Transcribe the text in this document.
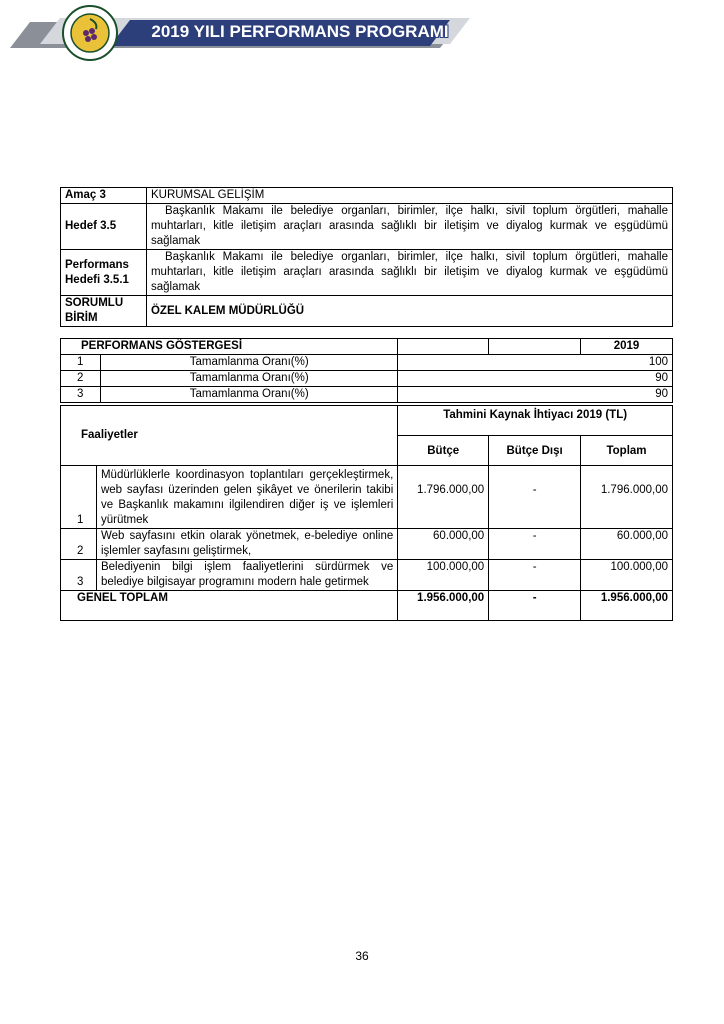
2019 YILI PERFORMANS PROGRAMI
Amaç 3	KURUMSAL GELİŞİM
Hedef 3.5	Başkanlık Makamı ile belediye organları, birimler, ilçe halkı, sivil toplum örgütleri, mahalle muhtarları, kitle iletişim araçları arasında sağlıklı bir iletişim ve diyalog kurmak ve eşgüdümü sağlamak
Performans Hedefi 3.5.1	Başkanlık Makamı ile belediye organları, birimler, ilçe halkı, sivil toplum örgütleri, mahalle muhtarları, kitle iletişim araçları arasında sağlıklı bir iletişim ve diyalog kurmak ve eşgüdümü sağlamak
SORUMLU BİRİM	ÖZEL KALEM MÜDÜRLÜĞÜ
PERFORMANS GÖSTERGESİ				2019
1	Tamamlanma Oranı(%)	100		
2	Tamamlanma Oranı(%)	90		
3	Tamamlanma Oranı(%)	90		
Faaliyetler		Tahmini Kaynak İhtiyacı 2019 (TL)		
		Bütçe	Bütçe Dışı	Toplam
1	Müdürlüklerle koordinasyon toplantıları gerçekleştirmek, web sayfası üzerinden gelen şikâyet ve önerilerin takibi ve Başkanlık makamını ilgilendiren diğer iş ve işlemleri yürütmek	1.796.000,00	-	1.796.000,00
2	Web sayfasını etkin olarak yönetmek, e-belediye online işlemler sayfasını geliştirmek,	60.000,00	-	60.000,00
3	Belediyenin bilgi işlem faaliyetlerini sürdürmek ve belediye bilgisayar programını modern hale getirmek	100.000,00	-	100.000,00
GENEL TOPLAM		1.956.000,00	-	1.956.000,00
36
